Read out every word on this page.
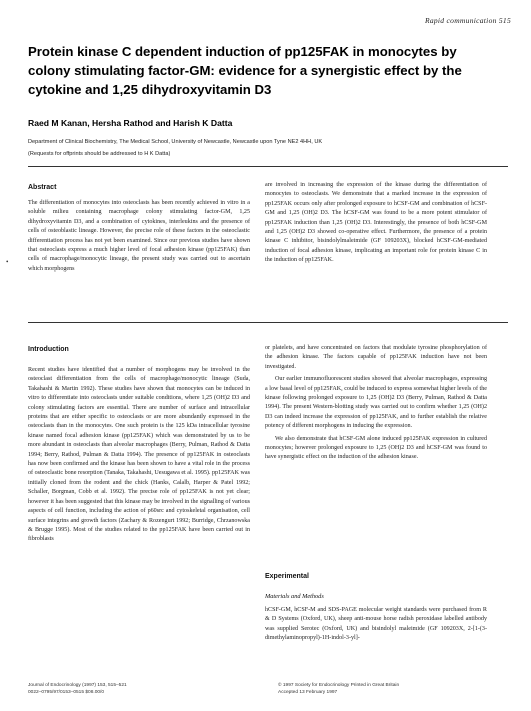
Rapid communication 515
Protein kinase C dependent induction of pp125FAK in monocytes by
colony stimulating factor-GM: evidence for a synergistic effect by the
cytokine and 1,25 dihydroxyvitamin D3
Raed M Kanan, Hersha Rathod and Harish K Datta
Department of Clinical Biochemistry, The Medical School, University of Newcastle, Newcastle upon Tyne NE2 4HH, UK
(Requests for offprints should be addressed to H K Datta)
Abstract

The differentiation of monocytes into osteoclasts has been recently achieved in vitro in a soluble milieu containing macrophage colony stimulating factor-GM, 1,25 dihydroxyvitamin D3, and a combination of cytokines, interleukins and the presence of cells of osteoblastic lineage. However, the precise role of these factors in the osteoclastic differentiation process has not yet been examined. Since our previous studies have shown that osteoclasts express a much higher level of focal adhesion kinase (pp125FAK) than cells of macrophage/monocytic lineage, the present study was carried out to ascertain which morphogens

are involved in increasing the expression of the kinase during the differentiation of monocytes to osteoclasts. We demonstrate that a marked increase in the expression of pp125FAK occurs only after prolonged exposure to hCSF-GM and combination of hCSF-GM and 1,25 (OH)2 D3. The hCSF-GM was found to be a more potent stimulator of pp125FAK induction than 1,25 (OH)2 D3. Interestingly, the presence of both hCSF-GM and 1,25 (OH)2 D3 showed co-operative effect. Furthermore, the presence of a protein kinase C inhibitor, bisindolylmaleimide (GF 109203X), blocked hCSF-GM-mediated induction of focal adhesion kinase, implicating an important role for protein kinase C in the induction of pp125FAK.

•
Introduction

Recent studies have identified that a number of morphogens may be involved in the osteoclast differentiation from the cells of macrophage/monocytic lineage (Suda, Takahashi & Martin 1992). These studies have shown that monocytes can be induced in vitro to differentiate into osteoclasts under suitable conditions, where 1,25 (OH)2 D3 and colony stimulating factors are essential. There are number of surface and intracellular proteins that are either specific to osteoclasts or are more abundantly expressed in the osteoclasts than in the monocytes. One such protein is the 125 kDa intracellular tyrosine kinase named focal adhesion kinase (pp125FAK) which was demonstrated by us to be more abundant in osteoclasts than alveolar macrophages (Berry, Pulman, Rathod & Datta 1994; Berry, Rathod, Pulman & Datta 1994). The presence of pp125FAK in osteoclasts has now been confirmed and the kinase has been shown to have a vital role in the process of osteoclastic bone resorption (Tanaka, Takahashi, Uesugawa et al. 1995). pp125FAK was initially cloned from the rodent and the chick (Hanks, Calalb, Harper & Patel 1992; Schaller, Borgman, Cobb et al. 1992). The precise role of pp125FAK is not yet clear; however it has been suggested that this kinase may be involved in the signalling of various aspects of cell function, including the action of p60src and cytoskeletal organisation, cell surface integrins and growth factors (Zachary & Rozengurt 1992; Burridge, Chrzanowska & Brugge 1995). Most of the studies related to the pp125FAK have been carried out in fibroblasts

or platelets, and have concentrated on factors that modulate tyrosine phosphorylation of the adhesion kinase. The factors capable of pp125FAK induction have not been investigated.

Our earlier immunofluorescent studies showed that alveolar macrophages, expressing a low basal level of pp125FAK, could be induced to express somewhat higher levels of the kinase following prolonged exposure to 1,25 (OH)2 D3 (Berry, Pulman, Rathod & Datta 1994). The present Western-blotting study was carried out to confirm whether 1,25 (OH)2 D3 can indeed increase the expression of pp125FAK, and to further establish the relative potency of different morphogens in inducing the expression.

We also demonstrate that hCSF-GM alone induced pp125FAK expression in cultured monocytes; however prolonged exposure to 1,25 (OH)2 D3 and hCSF-GM was found to have synergistic effect on the induction of the adhesion kinase.

Experimental
Materials and Methods

hCSF-GM, hCSF-M and SDS-PAGE molecular weight standards were purchased from R & D Systems (Oxford, UK), sheep anti-mouse horse radish peroxidase labelled antibody was supplied Serotec (Oxford, UK) and bisindolyl maleimide (GF 109203X, 2-[1-(3-dimethylaminopropyl)-1H-indol-3-yl]-

Journal of Endocrinology (1997) 153, 515–521
0022–0795/97/0153–0515 $08.00/0
© 1997 Society for Endocrinology Printed in Great Britain
Accepted 13 February 1997
